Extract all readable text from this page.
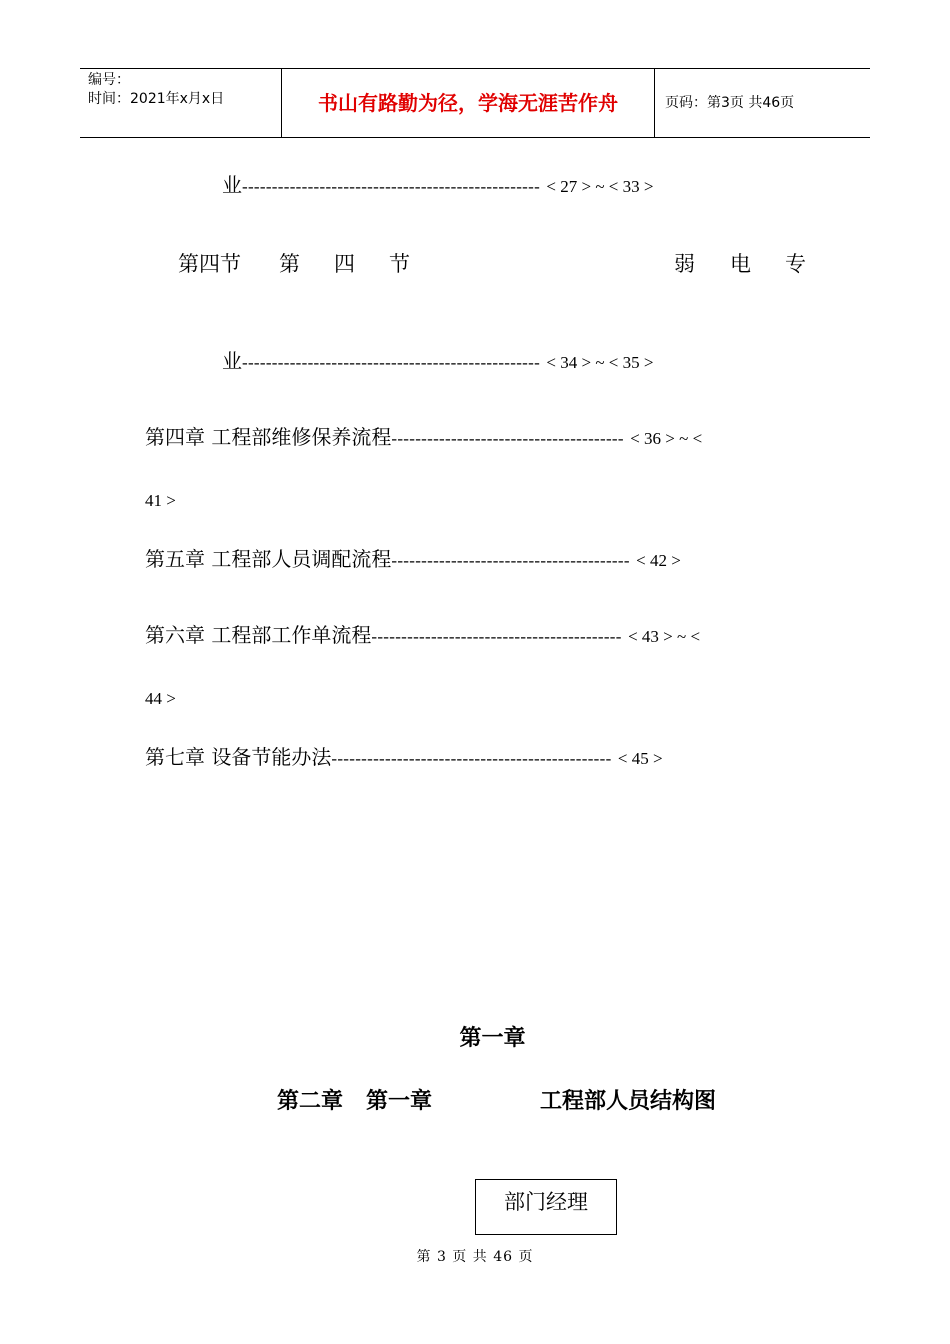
编号：
时间：2021年x月x日	书山有路勤为径，学海无涯苦作舟	页码：第3页 共46页
业-------------------------------------------------- < 27 > ~ < 33 >
第四节 第 四 节	弱 电 专
业-------------------------------------------------- < 34 > ~ < 35 >
第四章 工程部维修保养流程--------------------------------------- < 36 > ~ <
41 >
第五章 工程部人员调配流程---------------------------------------- < 42 >
第六章 工程部工作单流程------------------------------------------ < 43 > ~ <
44 >
第七章 设备节能办法----------------------------------------------- < 45 >
第一章
第二章   第一章	工程部人员结构图
部门经理
第 3 页 共 46 页
